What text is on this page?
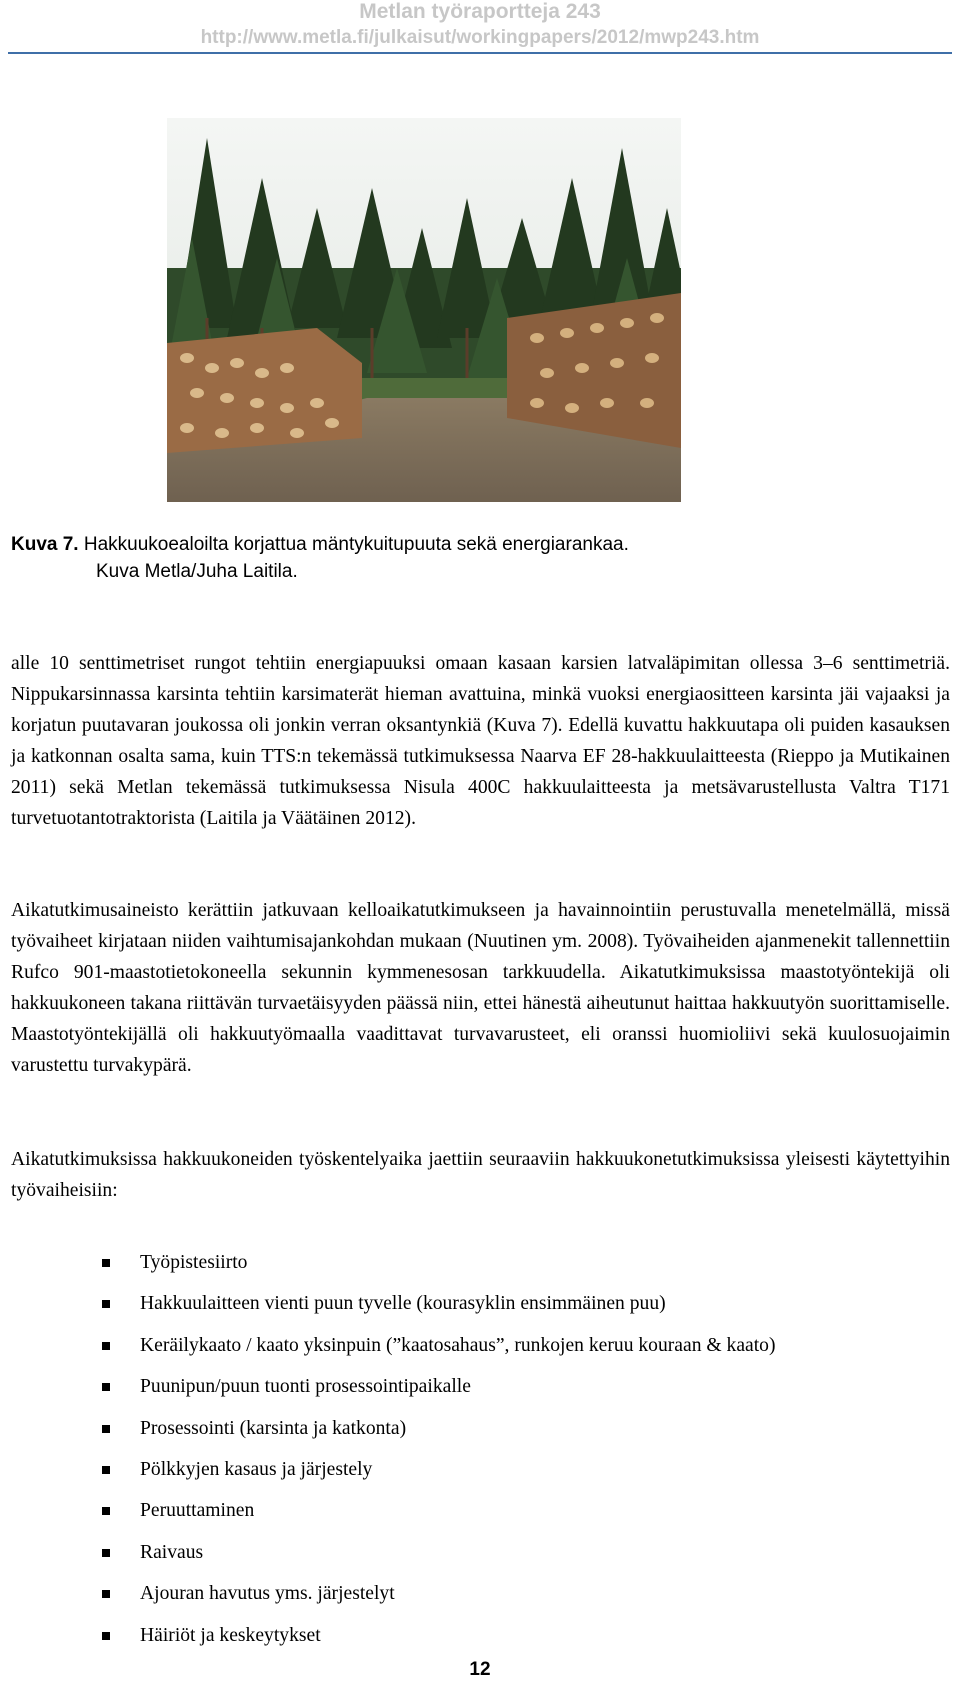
Metlan työraportteja 243
http://www.metla.fi/julkaisut/workingpapers/2012/mwp243.htm
Kuva 7. Hakkuukoealoilta korjattua mäntykuitupuuta sekä energiarankaa.
Kuva Metla/Juha Laitila.
alle 10 senttimetriset rungot tehtiin energiapuuksi omaan kasaan karsien latvaläpimitan ollessa 3–6 senttimetriä. Nippukarsinnassa karsinta tehtiin karsimaterät hieman avattuina, minkä vuoksi energiaositteen karsinta jäi vajaaksi ja korjatun puutavaran joukossa oli jonkin verran oksantynkiä (Kuva 7). Edellä kuvattu hakkuutapa oli puiden kasauksen ja katkonnan osalta sama, kuin TTS:n tekemässä tutkimuksessa Naarva EF 28-hakkuulaitteesta (Rieppo ja Mutikainen 2011) sekä Metlan tekemässä tutkimuksessa Nisula 400C hakkuulaitteesta ja metsävarustellusta Valtra T171 turvetuotantotraktorista (Laitila ja Väätäinen 2012).
Aikatutkimusaineisto kerättiin jatkuvaan kelloaikatutkimukseen ja havainnointiin perustuvalla menetelmällä, missä työvaiheet kirjataan niiden vaihtumisajankohdan mukaan (Nuutinen ym. 2008). Työvaiheiden ajanmenekit tallennettiin Rufco 901-maastotietokoneella sekunnin kymmenesosan tarkkuudella. Aikatutkimuksissa maastotyöntekijä oli hakkuukoneen takana riittävän turvaetäisyyden päässä niin, ettei hänestä aiheutunut haittaa hakkuutyön suorittamiselle. Maastotyöntekijällä oli hakkuutyömaalla vaadittavat turvavarusteet, eli oranssi huomioliivi sekä kuulosuojaimin varustettu turvakypärä.
Aikatutkimuksissa hakkuukoneiden työskentelyaika jaettiin seuraaviin hakkuukonetutkimuksissa yleisesti käytettyihin työvaiheisiin:
Työpistesiirto
Hakkuulaitteen vienti puun tyvelle (kourasyklin ensimmäinen puu)
Keräilykaato / kaato yksinpuin (”kaatosahaus”, runkojen keruu kouraan & kaato)
Puunipun/puun tuonti prosessointipaikalle
Prosessointi (karsinta ja katkonta)
Pölkkyjen kasaus ja järjestely
Peruuttaminen
Raivaus
Ajouran havutus yms. järjestelyt
Häiriöt ja keskeytykset
12
